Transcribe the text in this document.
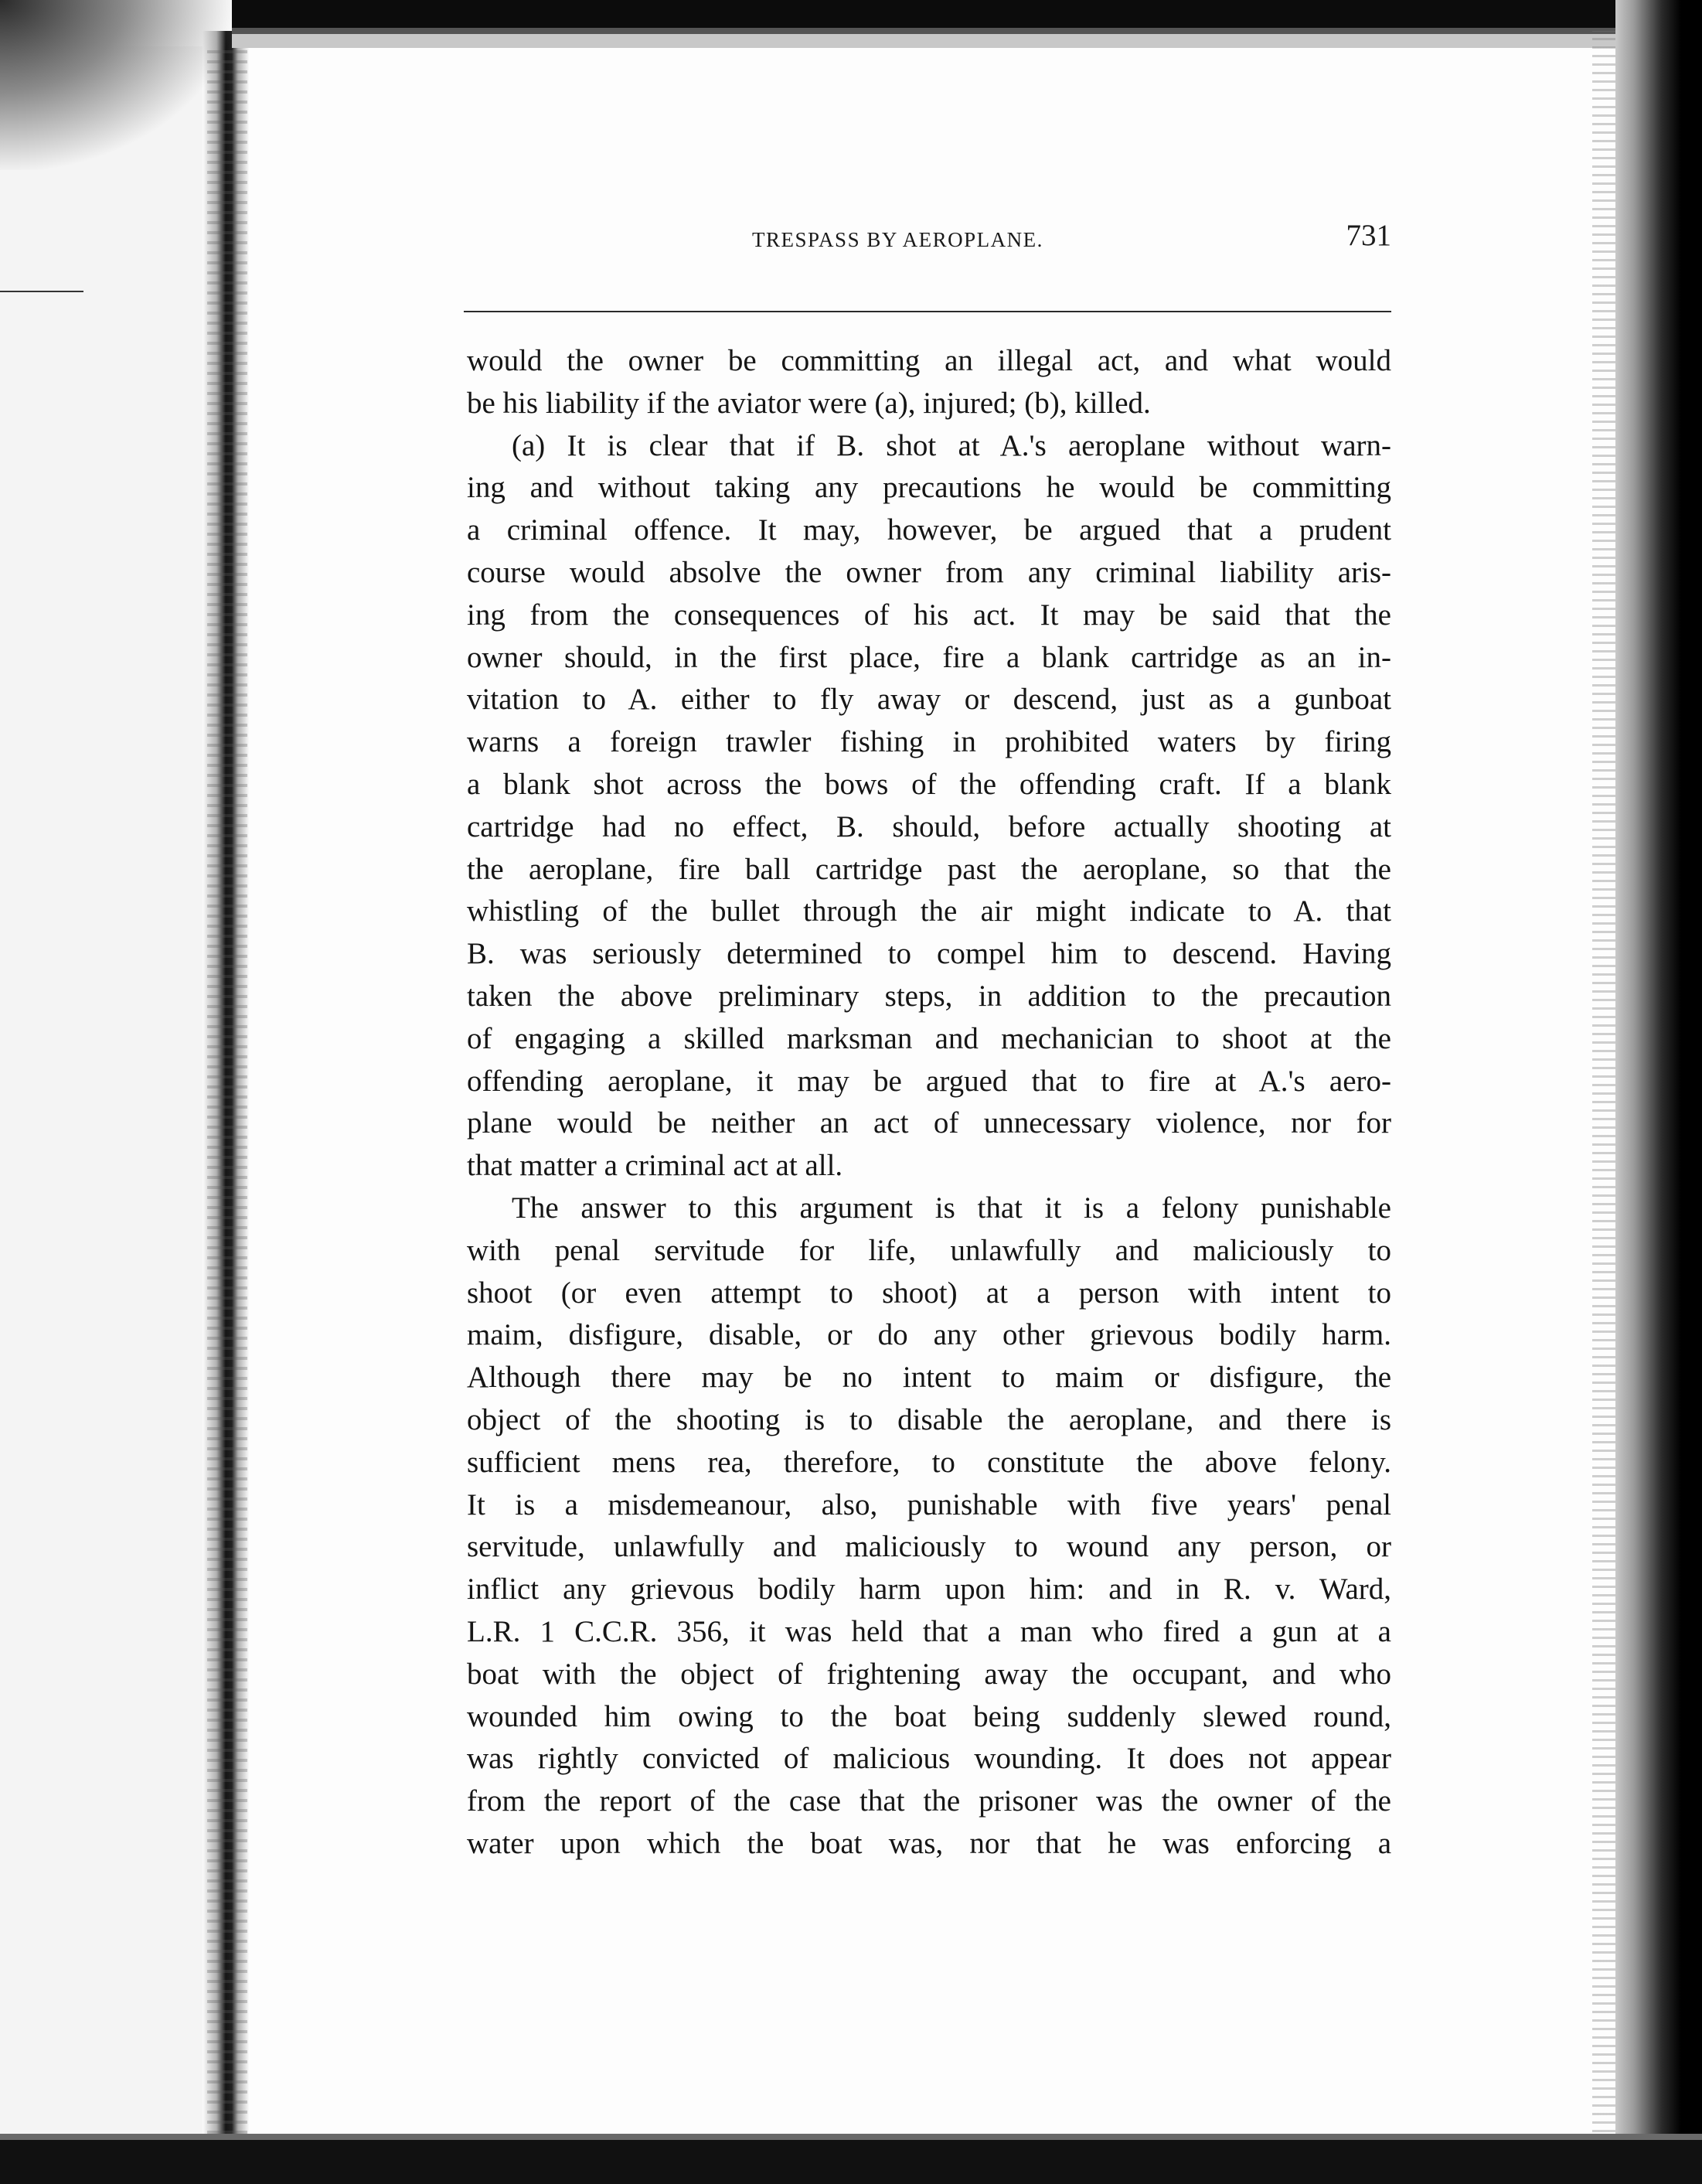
TRESPASS BY AEROPLANE.	731
would the owner be committing an illegal act, and what would
be his liability if the aviator were (a), injured; (b), killed.
(a) It is clear that if B. shot at A.'s aeroplane without warn-
ing and without taking any precautions he would be committing
a criminal offence. It may, however, be argued that a prudent
course would absolve the owner from any criminal liability aris-
ing from the consequences of his act. It may be said that the
owner should, in the first place, fire a blank cartridge as an in-
vitation to A. either to fly away or descend, just as a gunboat
warns a foreign trawler fishing in prohibited waters by firing
a blank shot across the bows of the offending craft. If a blank
cartridge had no effect, B. should, before actually shooting at
the aeroplane, fire ball cartridge past the aeroplane, so that the
whistling of the bullet through the air might indicate to A. that
B. was seriously determined to compel him to descend. Having
taken the above preliminary steps, in addition to the precaution
of engaging a skilled marksman and mechanician to shoot at the
offending aeroplane, it may be argued that to fire at A.'s aero-
plane would be neither an act of unnecessary violence, nor for
that matter a criminal act at all.
The answer to this argument is that it is a felony punishable
with penal servitude for life, unlawfully and maliciously to
shoot (or even attempt to shoot) at a person with intent to
maim, disfigure, disable, or do any other grievous bodily harm.
Although there may be no intent to maim or disfigure, the
object of the shooting is to disable the aeroplane, and there is
sufficient mens rea, therefore, to constitute the above felony.
It is a misdemeanour, also, punishable with five years' penal
servitude, unlawfully and maliciously to wound any person, or
inflict any grievous bodily harm upon him: and in R. v. Ward,
L.R. 1 C.C.R. 356, it was held that a man who fired a gun at a
boat with the object of frightening away the occupant, and who
wounded him owing to the boat being suddenly slewed round,
was rightly convicted of malicious wounding. It does not appear
from the report of the case that the prisoner was the owner of the
water upon which the boat was, nor that he was enforcing a
